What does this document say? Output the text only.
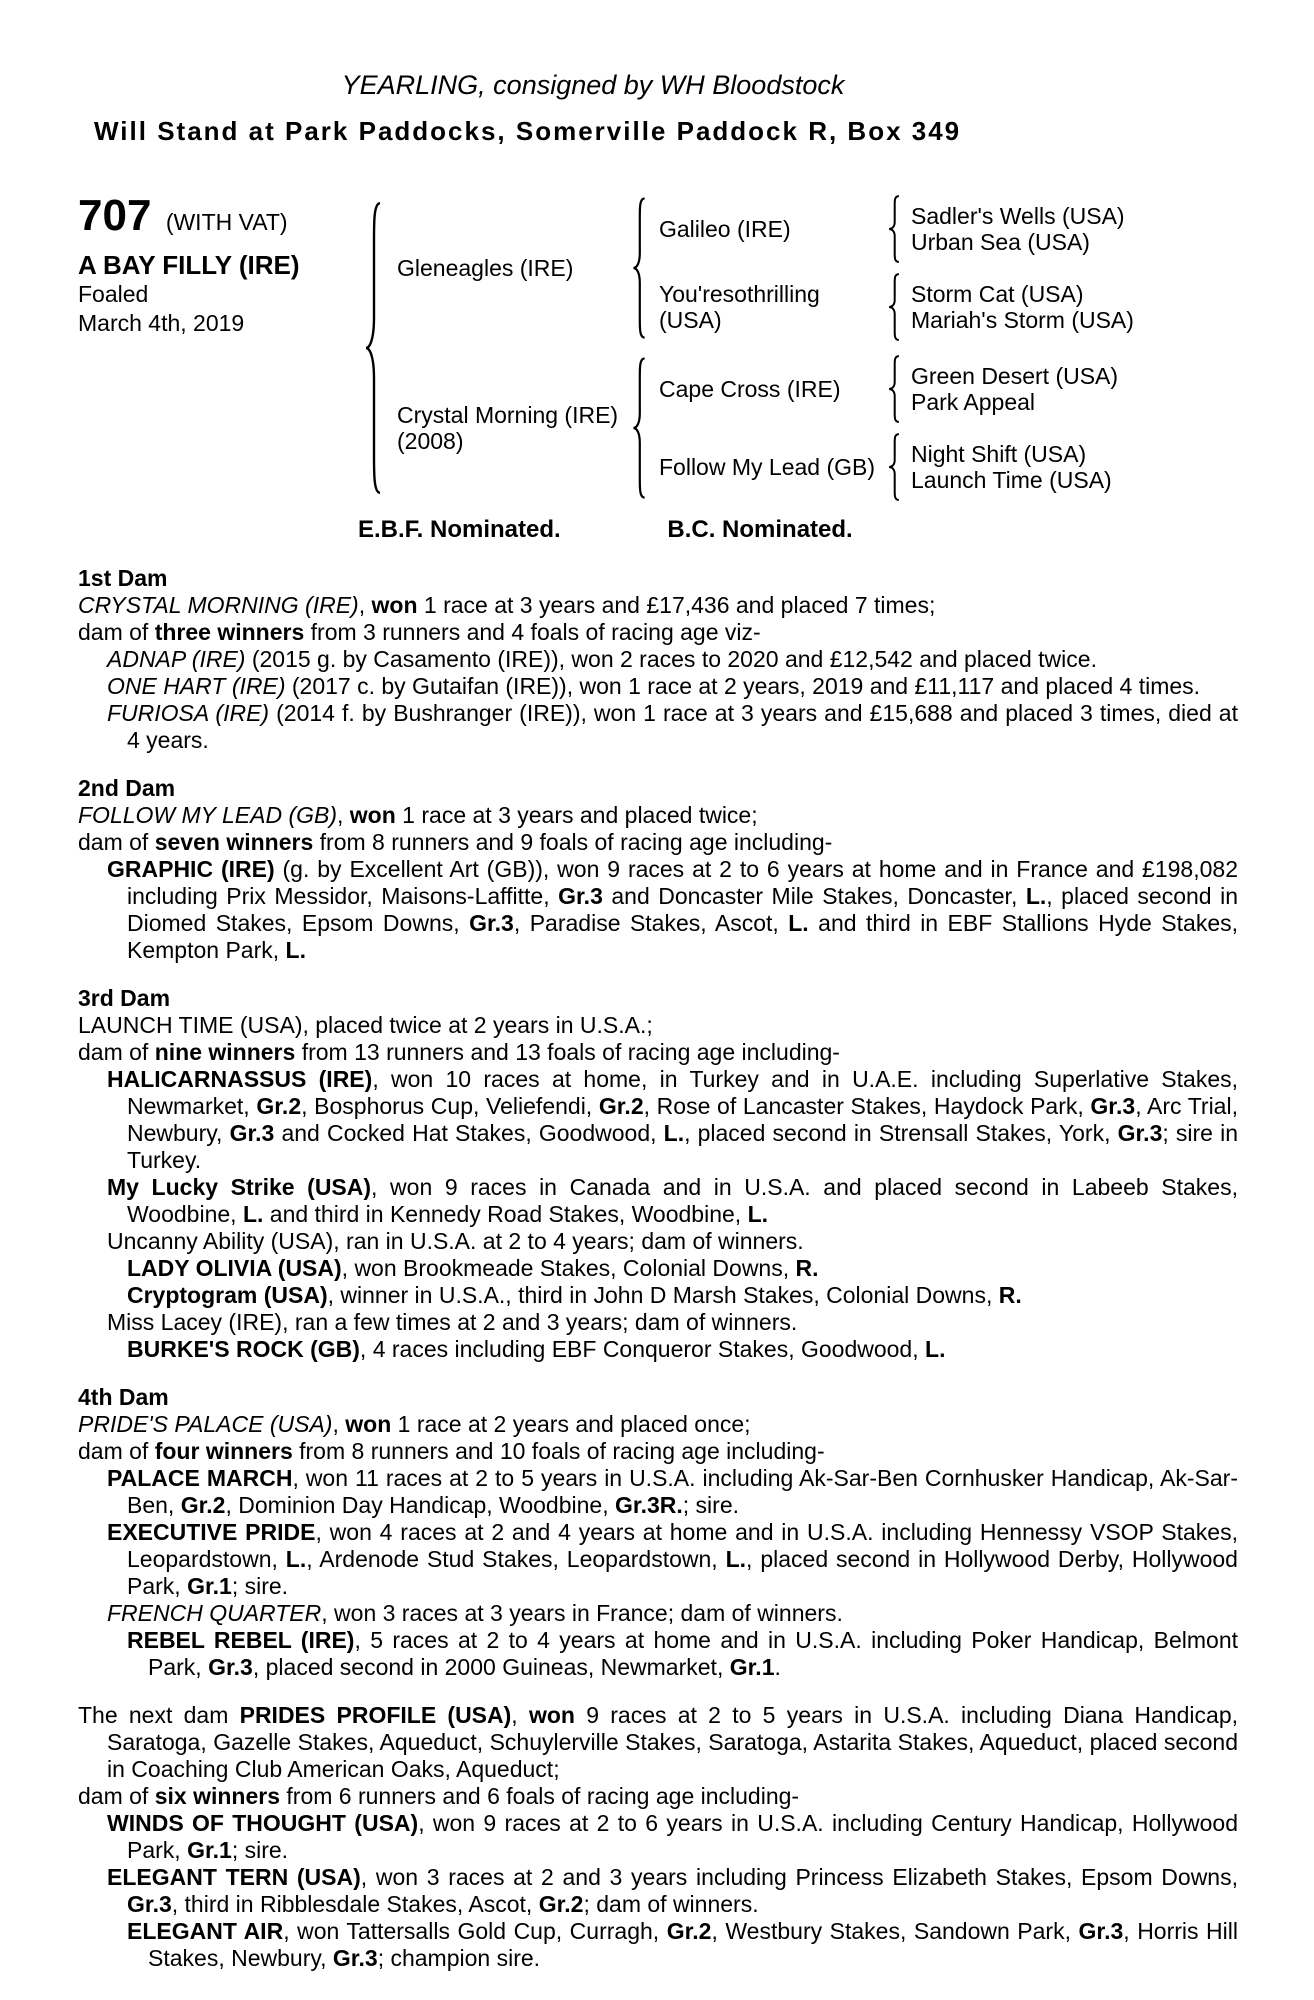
YEARLING, consigned by WH Bloodstock
Will Stand at Park Paddocks, Somerville Paddock R, Box 349
707 (WITH VAT)
A BAY FILLY (IRE)
Foaled
March 4th, 2019
Gleneagles (IRE)
Galileo (IRE)	Sadler's Wells (USA)
Urban Sea (USA)
You'resothrilling (USA)
Storm Cat (USA)
Mariah's Storm (USA)
Crystal Morning (IRE)
(2008)
Cape Cross (IRE)	Green Desert (USA)
Park Appeal
Follow My Lead (GB)	Night Shift (USA)
Launch Time (USA)
E.B.F. Nominated.	B.C. Nominated.
1st Dam

CRYSTAL MORNING (IRE), won 1 race at 3 years and £17,436 and placed 7 times;

dam of three winners from 3 runners and 4 foals of racing age viz-

ADNAP (IRE) (2015 g. by Casamento (IRE)), won 2 races to 2020 and £12,542 and placed twice.

ONE HART (IRE) (2017 c. by Gutaifan (IRE)), won 1 race at 2 years, 2019 and £11,117 and placed 4 times.

FURIOSA (IRE) (2014 f. by Bushranger (IRE)), won 1 race at 3 years and £15,688 and placed 3 times, died at 4 years.

2nd Dam

FOLLOW MY LEAD (GB), won 1 race at 3 years and placed twice;

dam of seven winners from 8 runners and 9 foals of racing age including-

GRAPHIC (IRE) (g. by Excellent Art (GB)), won 9 races at 2 to 6 years at home and in France and £198,082 including Prix Messidor, Maisons-Laffitte, Gr.3 and Doncaster Mile Stakes, Doncaster, L., placed second in Diomed Stakes, Epsom Downs, Gr.3, Paradise Stakes, Ascot, L. and third in EBF Stallions Hyde Stakes, Kempton Park, L.

3rd Dam

LAUNCH TIME (USA), placed twice at 2 years in U.S.A.;

dam of nine winners from 13 runners and 13 foals of racing age including-

HALICARNASSUS (IRE), won 10 races at home, in Turkey and in U.A.E. including Superlative Stakes, Newmarket, Gr.2, Bosphorus Cup, Veliefendi, Gr.2, Rose of Lancaster Stakes, Haydock Park, Gr.3, Arc Trial, Newbury, Gr.3 and Cocked Hat Stakes, Goodwood, L., placed second in Strensall Stakes, York, Gr.3; sire in Turkey.

My Lucky Strike (USA), won 9 races in Canada and in U.S.A. and placed second in Labeeb Stakes, Woodbine, L. and third in Kennedy Road Stakes, Woodbine, L.

Uncanny Ability (USA), ran in U.S.A. at 2 to 4 years; dam of winners.

LADY OLIVIA (USA), won Brookmeade Stakes, Colonial Downs, R.

Cryptogram (USA), winner in U.S.A., third in John D Marsh Stakes, Colonial Downs, R.

Miss Lacey (IRE), ran a few times at 2 and 3 years; dam of winners.

BURKE'S ROCK (GB), 4 races including EBF Conqueror Stakes, Goodwood, L.

4th Dam

PRIDE'S PALACE (USA), won 1 race at 2 years and placed once;

dam of four winners from 8 runners and 10 foals of racing age including-

PALACE MARCH, won 11 races at 2 to 5 years in U.S.A. including Ak-Sar-Ben Cornhusker Handicap, Ak-Sar-Ben, Gr.2, Dominion Day Handicap, Woodbine, Gr.3R.; sire.

EXECUTIVE PRIDE, won 4 races at 2 and 4 years at home and in U.S.A. including Hennessy VSOP Stakes, Leopardstown, L., Ardenode Stud Stakes, Leopardstown, L., placed second in Hollywood Derby, Hollywood Park, Gr.1; sire.

FRENCH QUARTER, won 3 races at 3 years in France; dam of winners.

REBEL REBEL (IRE), 5 races at 2 to 4 years at home and in U.S.A. including Poker Handicap, Belmont Park, Gr.3, placed second in 2000 Guineas, Newmarket, Gr.1.

The next dam PRIDES PROFILE (USA), won 9 races at 2 to 5 years in U.S.A. including Diana Handicap, Saratoga, Gazelle Stakes, Aqueduct, Schuylerville Stakes, Saratoga, Astarita Stakes, Aqueduct, placed second in Coaching Club American Oaks, Aqueduct;

dam of six winners from 6 runners and 6 foals of racing age including-

WINDS OF THOUGHT (USA), won 9 races at 2 to 6 years in U.S.A. including Century Handicap, Hollywood Park, Gr.1; sire.

ELEGANT TERN (USA), won 3 races at 2 and 3 years including Princess Elizabeth Stakes, Epsom Downs, Gr.3, third in Ribblesdale Stakes, Ascot, Gr.2; dam of winners.

ELEGANT AIR, won Tattersalls Gold Cup, Curragh, Gr.2, Westbury Stakes, Sandown Park, Gr.3, Horris Hill Stakes, Newbury, Gr.3; champion sire.
